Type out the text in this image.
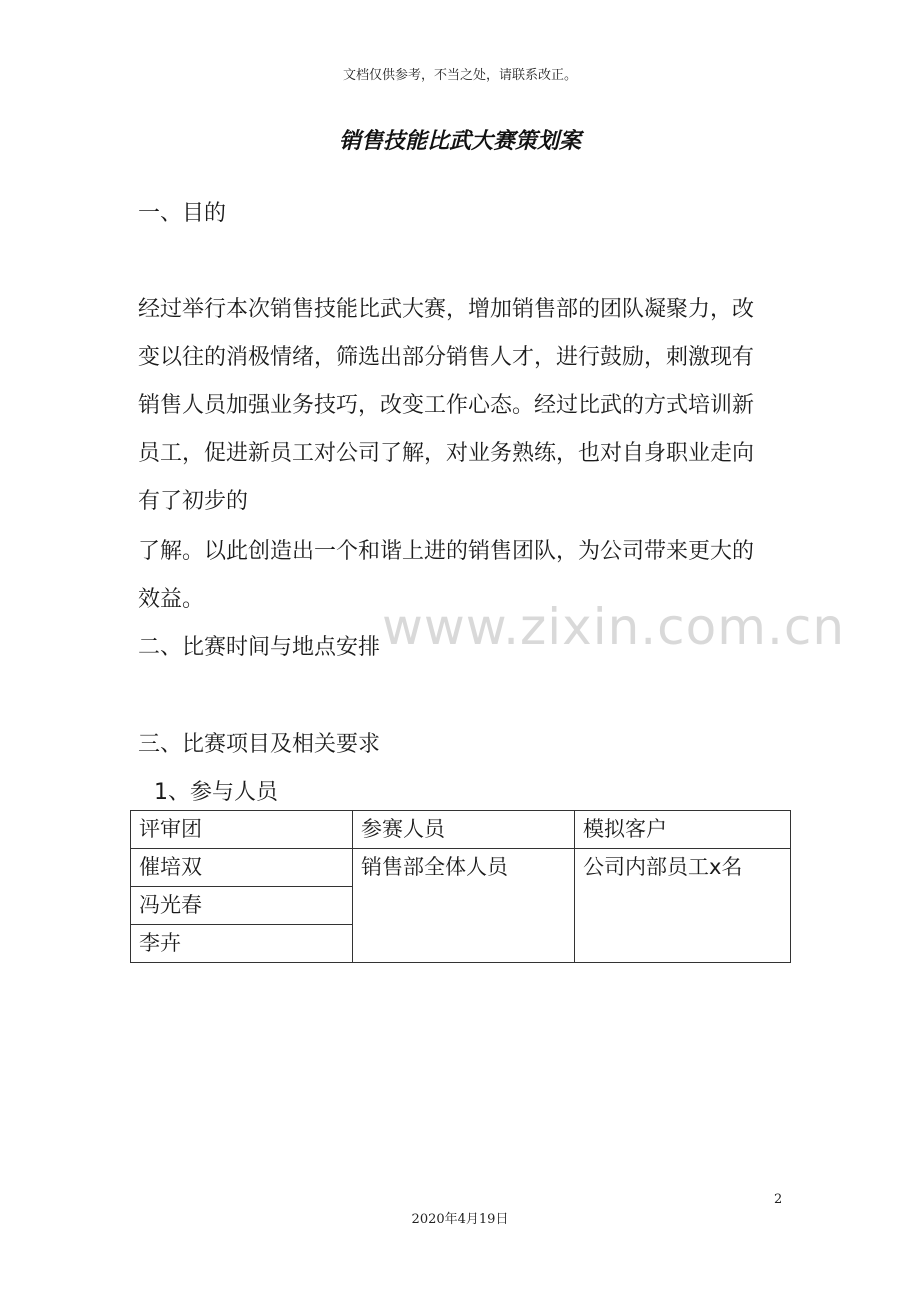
文档仅供参考，不当之处，请联系改正。
销售技能比武大赛策划案
一、目的
经过举行本次销售技能比武大赛，增加销售部的团队凝聚力，改
变以往的消极情绪，筛选出部分销售人才，进行鼓励，刺激现有
销售人员加强业务技巧，改变工作心态。经过比武的方式培训新
员工，促进新员工对公司了解，对业务熟练，也对自身职业走向
有了初步的
了解。以此创造出一个和谐上进的销售团队，为公司带来更大的
效益。	www.zixin.com.cn
二、比赛时间与地点安排
三、比赛项目及相关要求
1、参与人员
评审团	参赛人员	模拟客户
催培双	销售部全体人员	公司内部员工x名
冯光春		
李卉		
2
2020年4月19日
